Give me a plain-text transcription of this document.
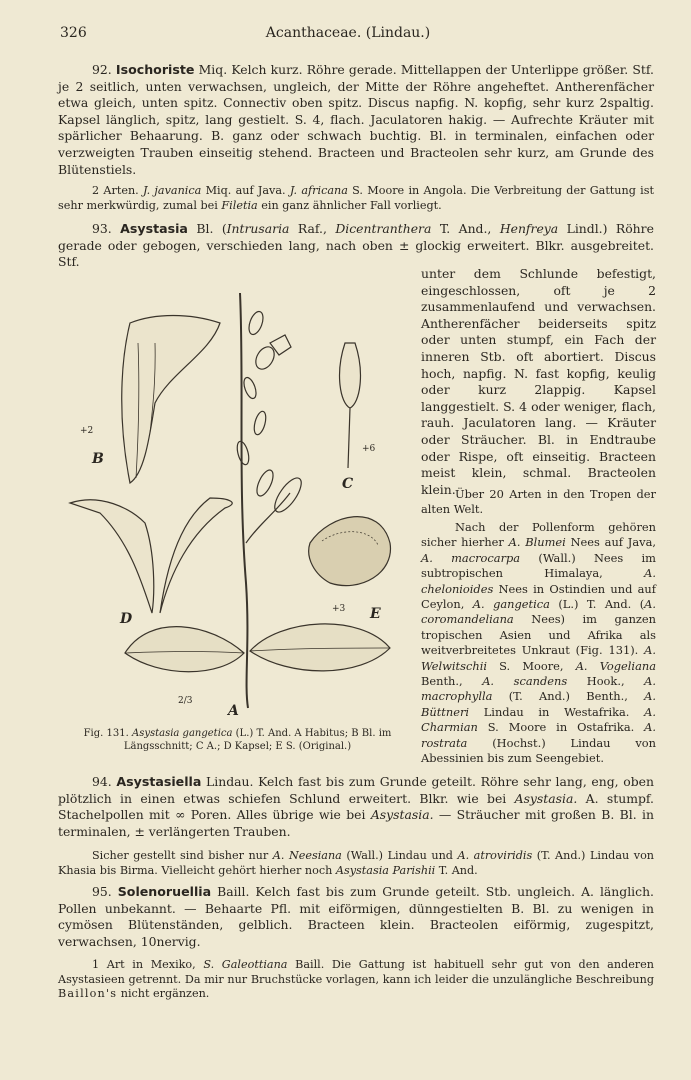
326	Acanthaceae. (Lindau.)

92. Isochoriste Miq. Kelch kurz. Röhre gerade. Mittellappen der Unterlippe größer. Stf. je 2 seitlich, unten verwachsen, ungleich, der Mitte der Röhre angeheftet. Antherenfächer etwa gleich, unten spitz. Connectiv oben spitz. Discus napfig. N. kopfig, sehr kurz 2spaltig. Kapsel länglich, spitz, lang gestielt. S. 4, flach. Jaculatoren hakig. — Aufrechte Kräuter mit spärlicher Behaarung. B. ganz oder schwach buchtig. Bl. in terminalen, einfachen oder verzweigten Trauben einseitig stehend. Bracteen und Bracteolen sehr kurz, am Grunde des Blütenstiels.

2 Arten. J. javanica Miq. auf Java. J. africana S. Moore in Angola. Die Verbreitung der Gattung ist sehr merkwürdig, zumal bei Filetia ein ganz ähnlicher Fall vorliegt.

93. Asystasia Bl. (Intrusaria Raf., Dicentranthera T. And., Henfreya Lindl.) Röhre gerade oder gebogen, verschieden lang, nach oben ± glockig erweitert. Blkr. ausgebreitet. Stf.

unter dem Schlunde befestigt, eingeschlossen, oft je 2 zusammenlaufend und verwachsen. Antherenfächer beiderseits spitz oder unten stumpf, ein Fach der inneren Stb. oft abortiert. Discus hoch, napfig. N. fast kopfig, keulig oder kurz 2lappig. Kapsel langgestielt. S. 4 oder weniger, flach, rauh. Jaculatoren lang. — Kräuter oder Sträucher. Bl. in Endtraube oder Rispe, oft einseitig. Bracteen meist klein, schmal. Bracteolen klein. Über 20 Arten in den Tropen der alten Welt.

Nach der Pollenform gehören sicher hierher A. Blumei Nees auf Java, A. macrocarpa (Wall.) Nees im subtropischen Himalaya,	A. chelonioides Nees in Ostindien und auf Ceylon, A. gangetica (L.) T. And. (A. coromandeliana Nees) im ganzen tropischen Asien und Afrika als weitverbreitetes Unkraut (Fig. 131). A. Welwitschii S. Moore, A. Vogeliana Benth., A. scandens Hook., A. macrophylla (T. And.) Benth., A. Büttneri Lindau in Westafrika. A. Charmian S. Moore in Ostafrika. A. rostrata (Hochst.) Lindau von Abessinien bis zum Seengebiet.

A
B
C
D	E
+2
+6
+3
2/3

Fig. 131. Asystasia gangetica (L.) T. And. A Habitus; B Bl. im Längsschnitt; C A.; D Kapsel; E S. (Original.)

94. Asystasiella Lindau. Kelch fast bis zum Grunde geteilt. Röhre sehr lang, eng, oben plötzlich in einen etwas schiefen Schlund erweitert. Blkr. wie bei Asystasia. A. stumpf. Stachelpollen mit ∞ Poren. Alles übrige wie bei Asystasia. — Sträucher mit großen B. Bl. in terminalen, ± verlängerten Trauben.

Sicher gestellt sind bisher nur A. Neesiana (Wall.) Lindau und A. atroviridis (T. And.) Lindau von Khasia bis Birma. Vielleicht gehört hierher noch Asystasia Parishii T. And.

95. Solenoruellia Baill. Kelch fast bis zum Grunde geteilt. Stb. ungleich. A. länglich. Pollen unbekannt. — Behaarte Pfl. mit eiförmigen, dünngestielten B. Bl. zu wenigen in cymösen Blütenständen, gelblich. Bracteen klein. Bracteolen eiförmig, zugespitzt, verwachsen, 10nervig.

1 Art in Mexiko, S. Galeottiana Baill. Die Gattung ist habituell sehr gut von den anderen Asystasieen getrennt. Da mir nur Bruchstücke vorlagen, kann ich leider die unzulängliche Beschreibung Baillon's nicht ergänzen.
